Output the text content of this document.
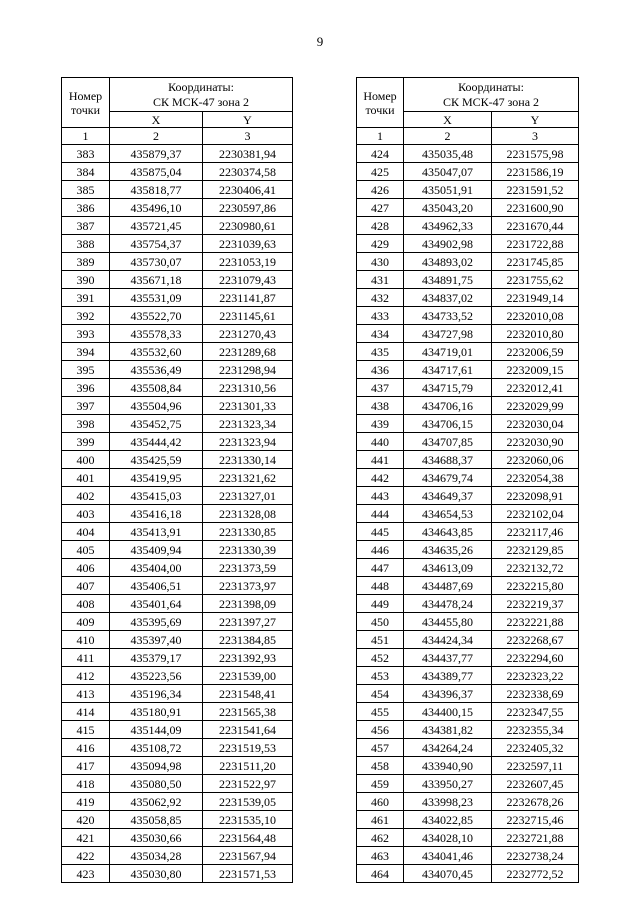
9
Номер
точки	Координаты:
СК МСК-47 зона 2	

	X	Y
1	2	3
383	435879,37	2230381,94
384	435875,04	2230374,58
385	435818,77	2230406,41
386	435496,10	2230597,86
387	435721,45	2230980,61
388	435754,37	2231039,63
389	435730,07	2231053,19
390	435671,18	2231079,43
391	435531,09	2231141,87
392	435522,70	2231145,61
393	435578,33	2231270,43
394	435532,60	2231289,68
395	435536,49	2231298,94
396	435508,84	2231310,56
397	435504,96	2231301,33
398	435452,75	2231323,34
399	435444,42	2231323,94
400	435425,59	2231330,14
401	435419,95	2231321,62
402	435415,03	2231327,01
403	435416,18	2231328,08
404	435413,91	2231330,85
405	435409,94	2231330,39
406	435404,00	2231373,59
407	435406,51	2231373,97
408	435401,64	2231398,09
409	435395,69	2231397,27
410	435397,40	2231384,85
411	435379,17	2231392,93
412	435223,56	2231539,00
413	435196,34	2231548,41
414	435180,91	2231565,38
415	435144,09	2231541,64
416	435108,72	2231519,53
417	435094,98	2231511,20
418	435080,50	2231522,97
419	435062,92	2231539,05
420	435058,85	2231535,10
421	435030,66	2231564,48
422	435034,28	2231567,94
423	435030,80	2231571,53
Номер
точки	Координаты:
СК МСК-47 зона 2	

	X	Y
1	2	3
424	435035,48	2231575,98
425	435047,07	2231586,19
426	435051,91	2231591,52
427	435043,20	2231600,90
428	434962,33	2231670,44
429	434902,98	2231722,88
430	434893,02	2231745,85
431	434891,75	2231755,62
432	434837,02	2231949,14
433	434733,52	2232010,08
434	434727,98	2232010,80
435	434719,01	2232006,59
436	434717,61	2232009,15
437	434715,79	2232012,41
438	434706,16	2232029,99
439	434706,15	2232030,04
440	434707,85	2232030,90
441	434688,37	2232060,06
442	434679,74	2232054,38
443	434649,37	2232098,91
444	434654,53	2232102,04
445	434643,85	2232117,46
446	434635,26	2232129,85
447	434613,09	2232132,72
448	434487,69	2232215,80
449	434478,24	2232219,37
450	434455,80	2232221,88
451	434424,34	2232268,67
452	434437,77	2232294,60
453	434389,77	2232323,22
454	434396,37	2232338,69
455	434400,15	2232347,55
456	434381,82	2232355,34
457	434264,24	2232405,32
458	433940,90	2232597,11
459	433950,27	2232607,45
460	433998,23	2232678,26
461	434022,85	2232715,46
462	434028,10	2232721,88
463	434041,46	2232738,24
464	434070,45	2232772,52
